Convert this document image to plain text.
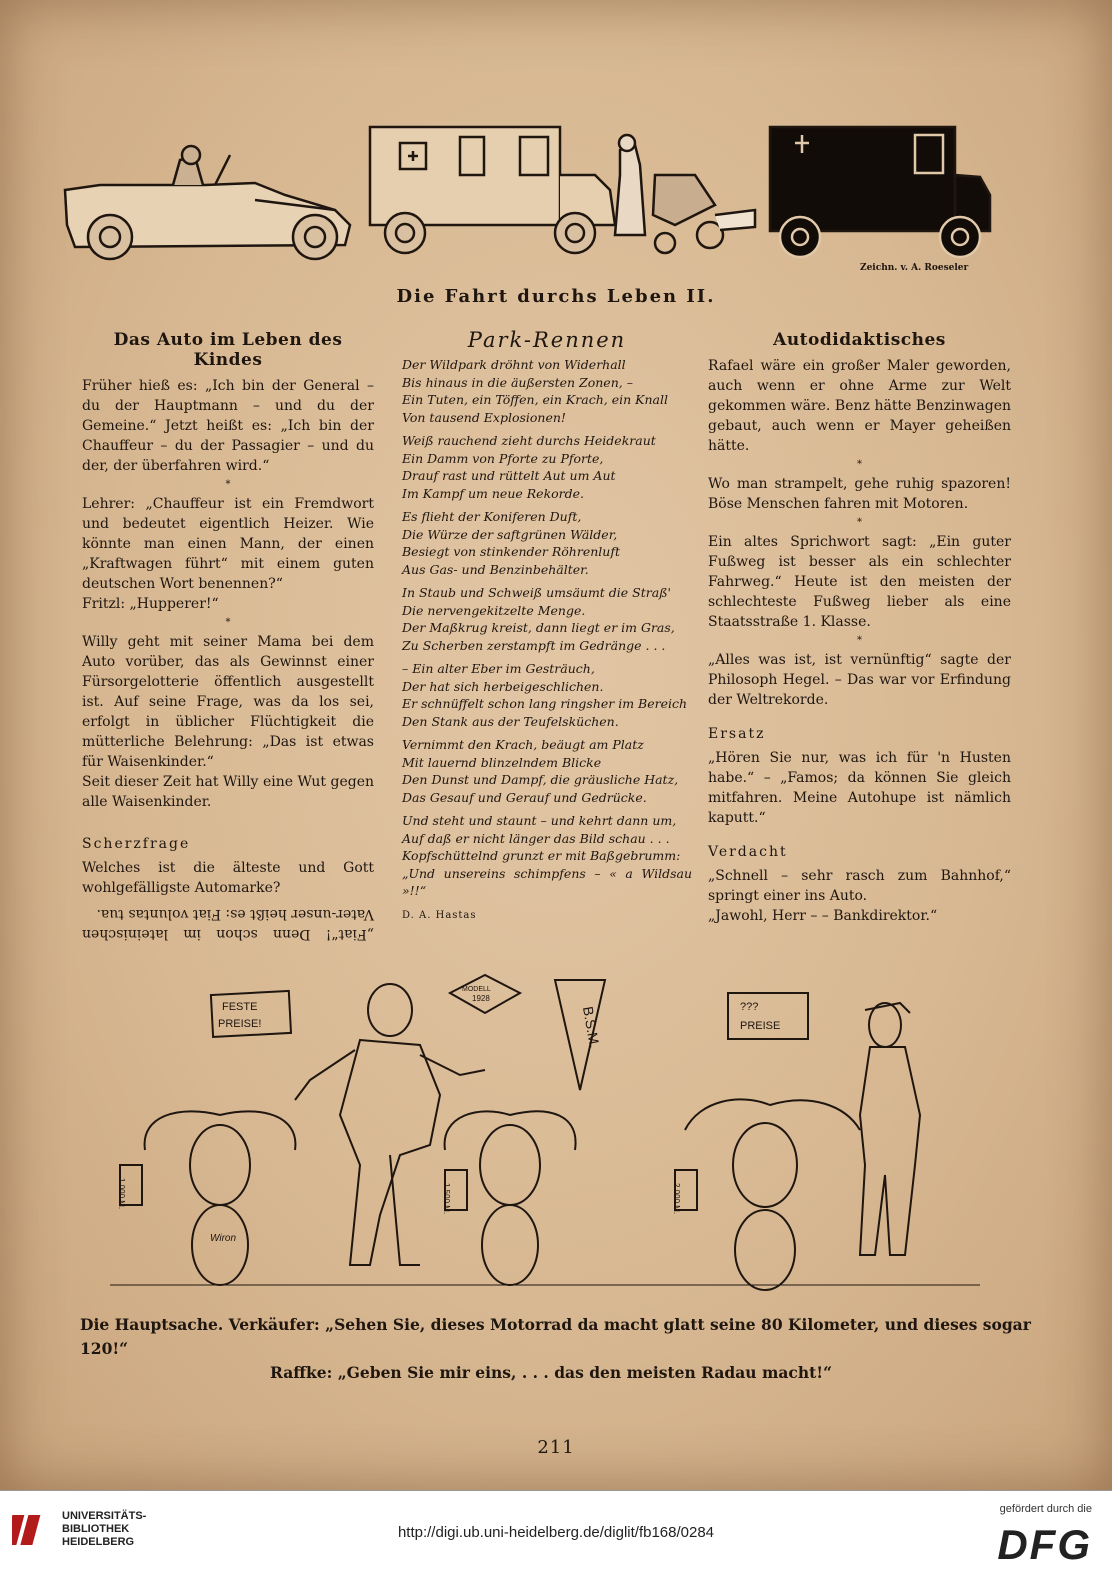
Zeichn. v. A. Roeseler
Die Fahrt durchs Leben II.
Das Auto im Leben des Kindes

Früher hieß es: „Ich bin der General – du der Hauptmann – und du der Gemeine.“ Jetzt heißt es: „Ich bin der Chauffeur – du der Passagier – und du der, der überfahren wird.“

*

Lehrer: „Chauffeur ist ein Fremdwort und bedeutet eigentlich Heizer. Wie könnte man einen Mann, der einen „Kraftwagen führt“ mit einem guten deutschen Wort benennen?“

Fritzl: „Hupperer!“

*

Willy geht mit seiner Mama bei dem Auto vorüber, das als Gewinnst einer Fürsorgelotterie öffentlich ausgestellt ist. Auf seine Frage, was da los sei, erfolgt in üblicher Flüchtigkeit die mütterliche Belehrung: „Das ist etwas für Waisenkinder.“

Seit dieser Zeit hat Willy eine Wut gegen alle Waisenkinder.

Scherzfrage

Welches ist die älteste und Gott wohlgefälligste Automarke?

„Fiat“! Denn schon im lateinischen Vater-unser heißt es: Fiat voluntas tua.

Park-Rennen

Der Wildpark dröhnt von Widerhall
Bis hinaus in die äußersten Zonen, –
Ein Tuten, ein Töffen, ein Krach, ein Knall
Von tausend Explosionen!

Weiß rauchend zieht durchs Heidekraut
Ein Damm von Pforte zu Pforte,
Drauf rast und rüttelt Aut um Aut
Im Kampf um neue Rekorde.

Es flieht der Koniferen Duft,
Die Würze der saftgrünen Wälder,
Besiegt von stinkender Röhrenluft
Aus Gas- und Benzinbehälter.

In Staub und Schweiß umsäumt die Straß'
Die nervengekitzelte Menge.
Der Maßkrug kreist, dann liegt er im Gras,
Zu Scherben zerstampft im Gedränge . . .

– Ein alter Eber im Gesträuch,
Der hat sich herbeigeschlichen.
Er schnüffelt schon lang ringsher im Bereich
Den Stank aus der Teufelsküchen.

Vernimmt den Krach, beäugt am Platz
Mit lauernd blinzelndem Blicke
Den Dunst und Dampf, die gräusliche Hatz,
Das Gesauf und Gerauf und Gedrücke.

Und steht und staunt – und kehrt dann um,
Auf daß er nicht länger das Bild schau . . .
Kopfschüttelnd grunzt er mit Baßgebrumm:
„Und unsereins schimpfens – « a Wildsau »!!“

D. A. Hastas

Autodidaktisches

Rafael wäre ein großer Maler geworden, auch wenn er ohne Arme zur Welt gekommen wäre. Benz hätte Benzinwagen gebaut, auch wenn er Mayer geheißen hätte.

*

Wo man strampelt, gehe ruhig spazoren! Böse Menschen fahren mit Motoren.

*

Ein altes Sprichwort sagt: „Ein guter Fußweg ist besser als ein schlechter Fahrweg.“ Heute ist den meisten der schlechteste Fußweg lieber als eine Staatsstraße 1. Klasse.

*

„Alles was ist, ist vernünftig“ sagte der Philosoph Hegel. – Das war vor Erfindung der Weltrekorde.

Ersatz

„Hören Sie nur, was ich für 'n Husten habe.“ – „Famos; da können Sie gleich mitfahren. Meine Autohupe ist nämlich kaputt.“

Verdacht

„Schnell – sehr rasch zum Bahnhof,“ springt einer ins Auto.

„Jawohl, Herr – – Bankdirektor.“

FESTE
PREISE!
MODELL
1928
B.S.M.	???
PREISE
1.000 M.	1.500 M.	2.000 M.
Wiron
Die Hauptsache. Verkäufer: „Sehen Sie, dieses Motorrad da macht glatt seine 80 Kilometer, und dieses sogar 120!“
Raffke: „Geben Sie mir eins, . . . das den meisten Radau macht!“
211
UNIVERSITÄTS-
BIBLIOTHEK
HEIDELBERG
http://digi.ub.uni-heidelberg.de/diglit/fb168/0284
gefördert durch die
DFG
